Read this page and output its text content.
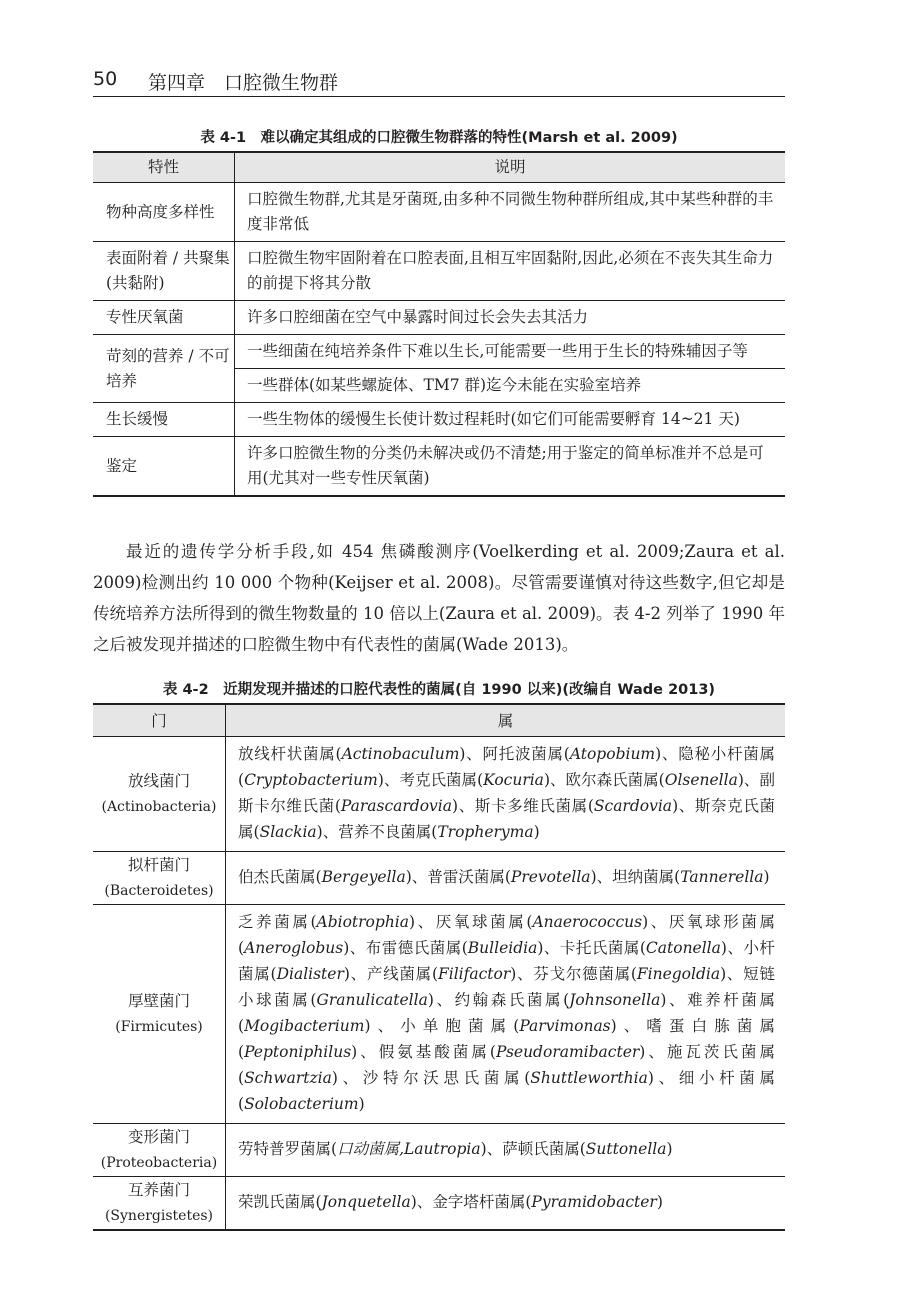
50 第四章　口腔微生物群
表 4-1　难以确定其组成的口腔微生物群落的特性(Marsh et al. 2009)
特性	说明
物种高度多样性	口腔微生物群,尤其是牙菌斑,由多种不同微生物种群所组成,其中某些种群的丰度非常低
表面附着 / 共聚集(共黏附)	口腔微生物牢固附着在口腔表面,且相互牢固黏附,因此,必须在不丧失其生命力的前提下将其分散
专性厌氧菌	许多口腔细菌在空气中暴露时间过长会失去其活力
苛刻的营养 / 不可培养	一些细菌在纯培养条件下难以生长,可能需要一些用于生长的特殊辅因子等
	一些群体(如某些螺旋体、TM7 群)迄今未能在实验室培养
生长缓慢	一些生物体的缓慢生长使计数过程耗时(如它们可能需要孵育 14~21 天)
鉴定	许多口腔微生物的分类仍未解决或仍不清楚;用于鉴定的简单标准并不总是可用(尤其对一些专性厌氧菌)

最近的遗传学分析手段,如 454 焦磷酸测序(Voelkerding et al. 2009;Zaura et al. 2009)检测出约 10 000 个物种(Keijser et al. 2008)。尽管需要谨慎对待这些数字,但它却是传统培养方法所得到的微生物数量的 10 倍以上(Zaura et al. 2009)。表 4-2 列举了 1990 年之后被发现并描述的口腔微生物中有代表性的菌属(Wade 2013)。

表 4-2　近期发现并描述的口腔代表性的菌属(自 1990 以来)(改编自 Wade 2013)
门	属

放线菌门
(Actinobacteria)	放线杆状菌属(Actinobaculum)、阿托波菌属(Atopobium)、隐秘小杆菌属(Cryptobacterium)、考克氏菌属(Kocuria)、欧尔森氏菌属(Olsenella)、副斯卡尔维氏菌(Parascardovia)、斯卡多维氏菌属(Scardovia)、斯奈克氏菌属(Slackia)、营养不良菌属(Tropheryma)

拟杆菌门
(Bacteroidetes)	伯杰氏菌属(Bergeyella)、普雷沃菌属(Prevotella)、坦纳菌属(Tannerella)

厚壁菌门
(Firmicutes)	乏养菌属(Abiotrophia)、厌氧球菌属(Anaerococcus)、厌氧球形菌属(Aneroglobus)、布雷德氏菌属(Bulleidia)、卡托氏菌属(Catonella)、小杆菌属(Dialister)、产线菌属(Filifactor)、芬戈尔德菌属(Finegoldia)、短链小球菌属(Granulicatella)、约翰森氏菌属(Johnsonella)、难养杆菌属(Mogibacterium)、小单胞菌属(Parvimonas)、嗜蛋白胨菌属(Peptoniphilus)、假氨基酸菌属(Pseudoramibacter)、施瓦茨氏菌属(Schwartzia)、沙特尔沃思氏菌属(Shuttleworthia)、细小杆菌属(Solobacterium)

变形菌门
(Proteobacteria)	劳特普罗菌属(口动菌属,Lautropia)、萨顿氏菌属(Suttonella)

互养菌门
(Synergistetes)	荣凯氏菌属(Jonquetella)、金字塔杆菌属(Pyramidobacter)
